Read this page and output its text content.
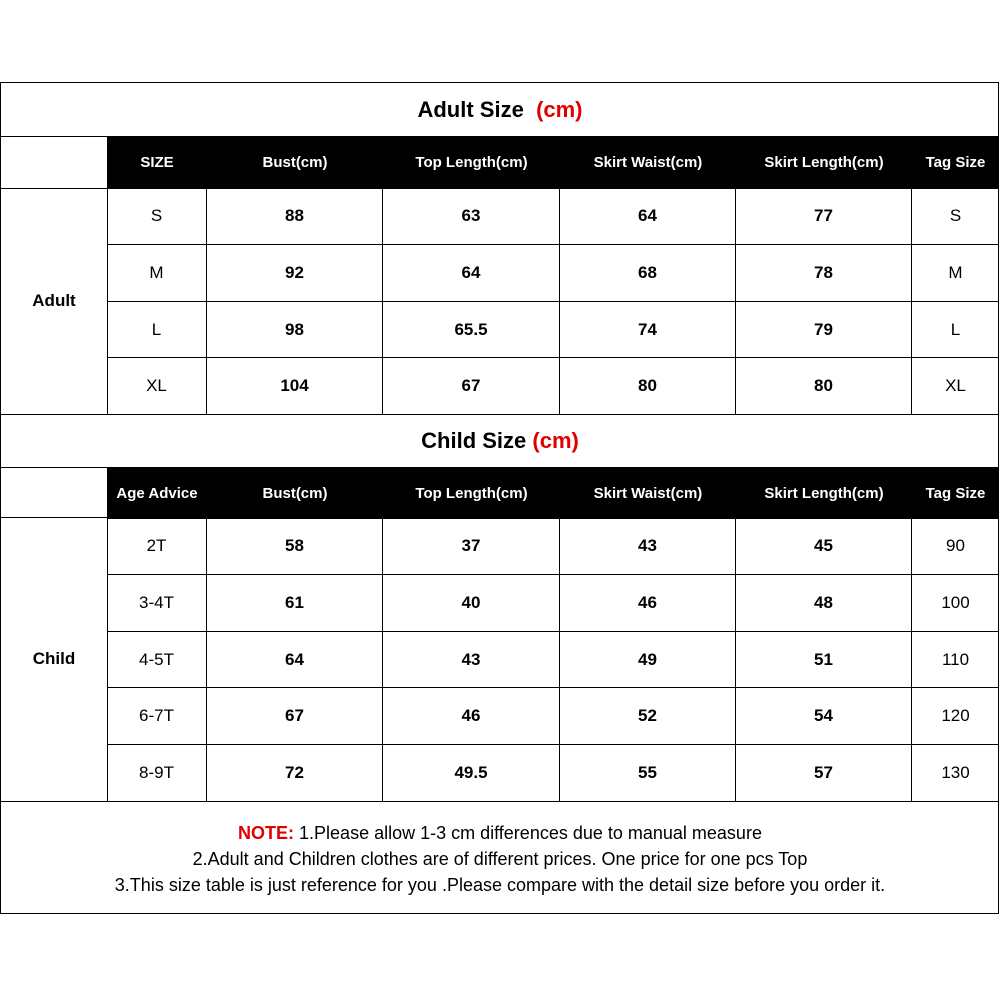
Adult Size (cm)
SIZE	Bust(cm)	Top Length(cm)	Skirt Waist(cm)	Skirt Length(cm)	Tag Size
Adult
S	88	63	64	77	S
M	92	64	68	78	M
L	98	65.5	74	79	L
XL	104	67	80	80	XL
Child Size (cm)
Age Advice	Bust(cm)	Top Length(cm)	Skirt Waist(cm)	Skirt Length(cm)	Tag Size
Child
2T	58	37	43	45	90
3-4T	61	40	46	48	100
4-5T	64	43	49	51	110
6-7T	67	46	52	54	120
8-9T	72	49.5	55	57	130
NOTE: 1.Please allow 1-3 cm differences due to manual measure
2.Adult and Children clothes are of different prices. One price for one pcs Top
3.This size table is just reference for you .Please compare with the detail size before you order it.
